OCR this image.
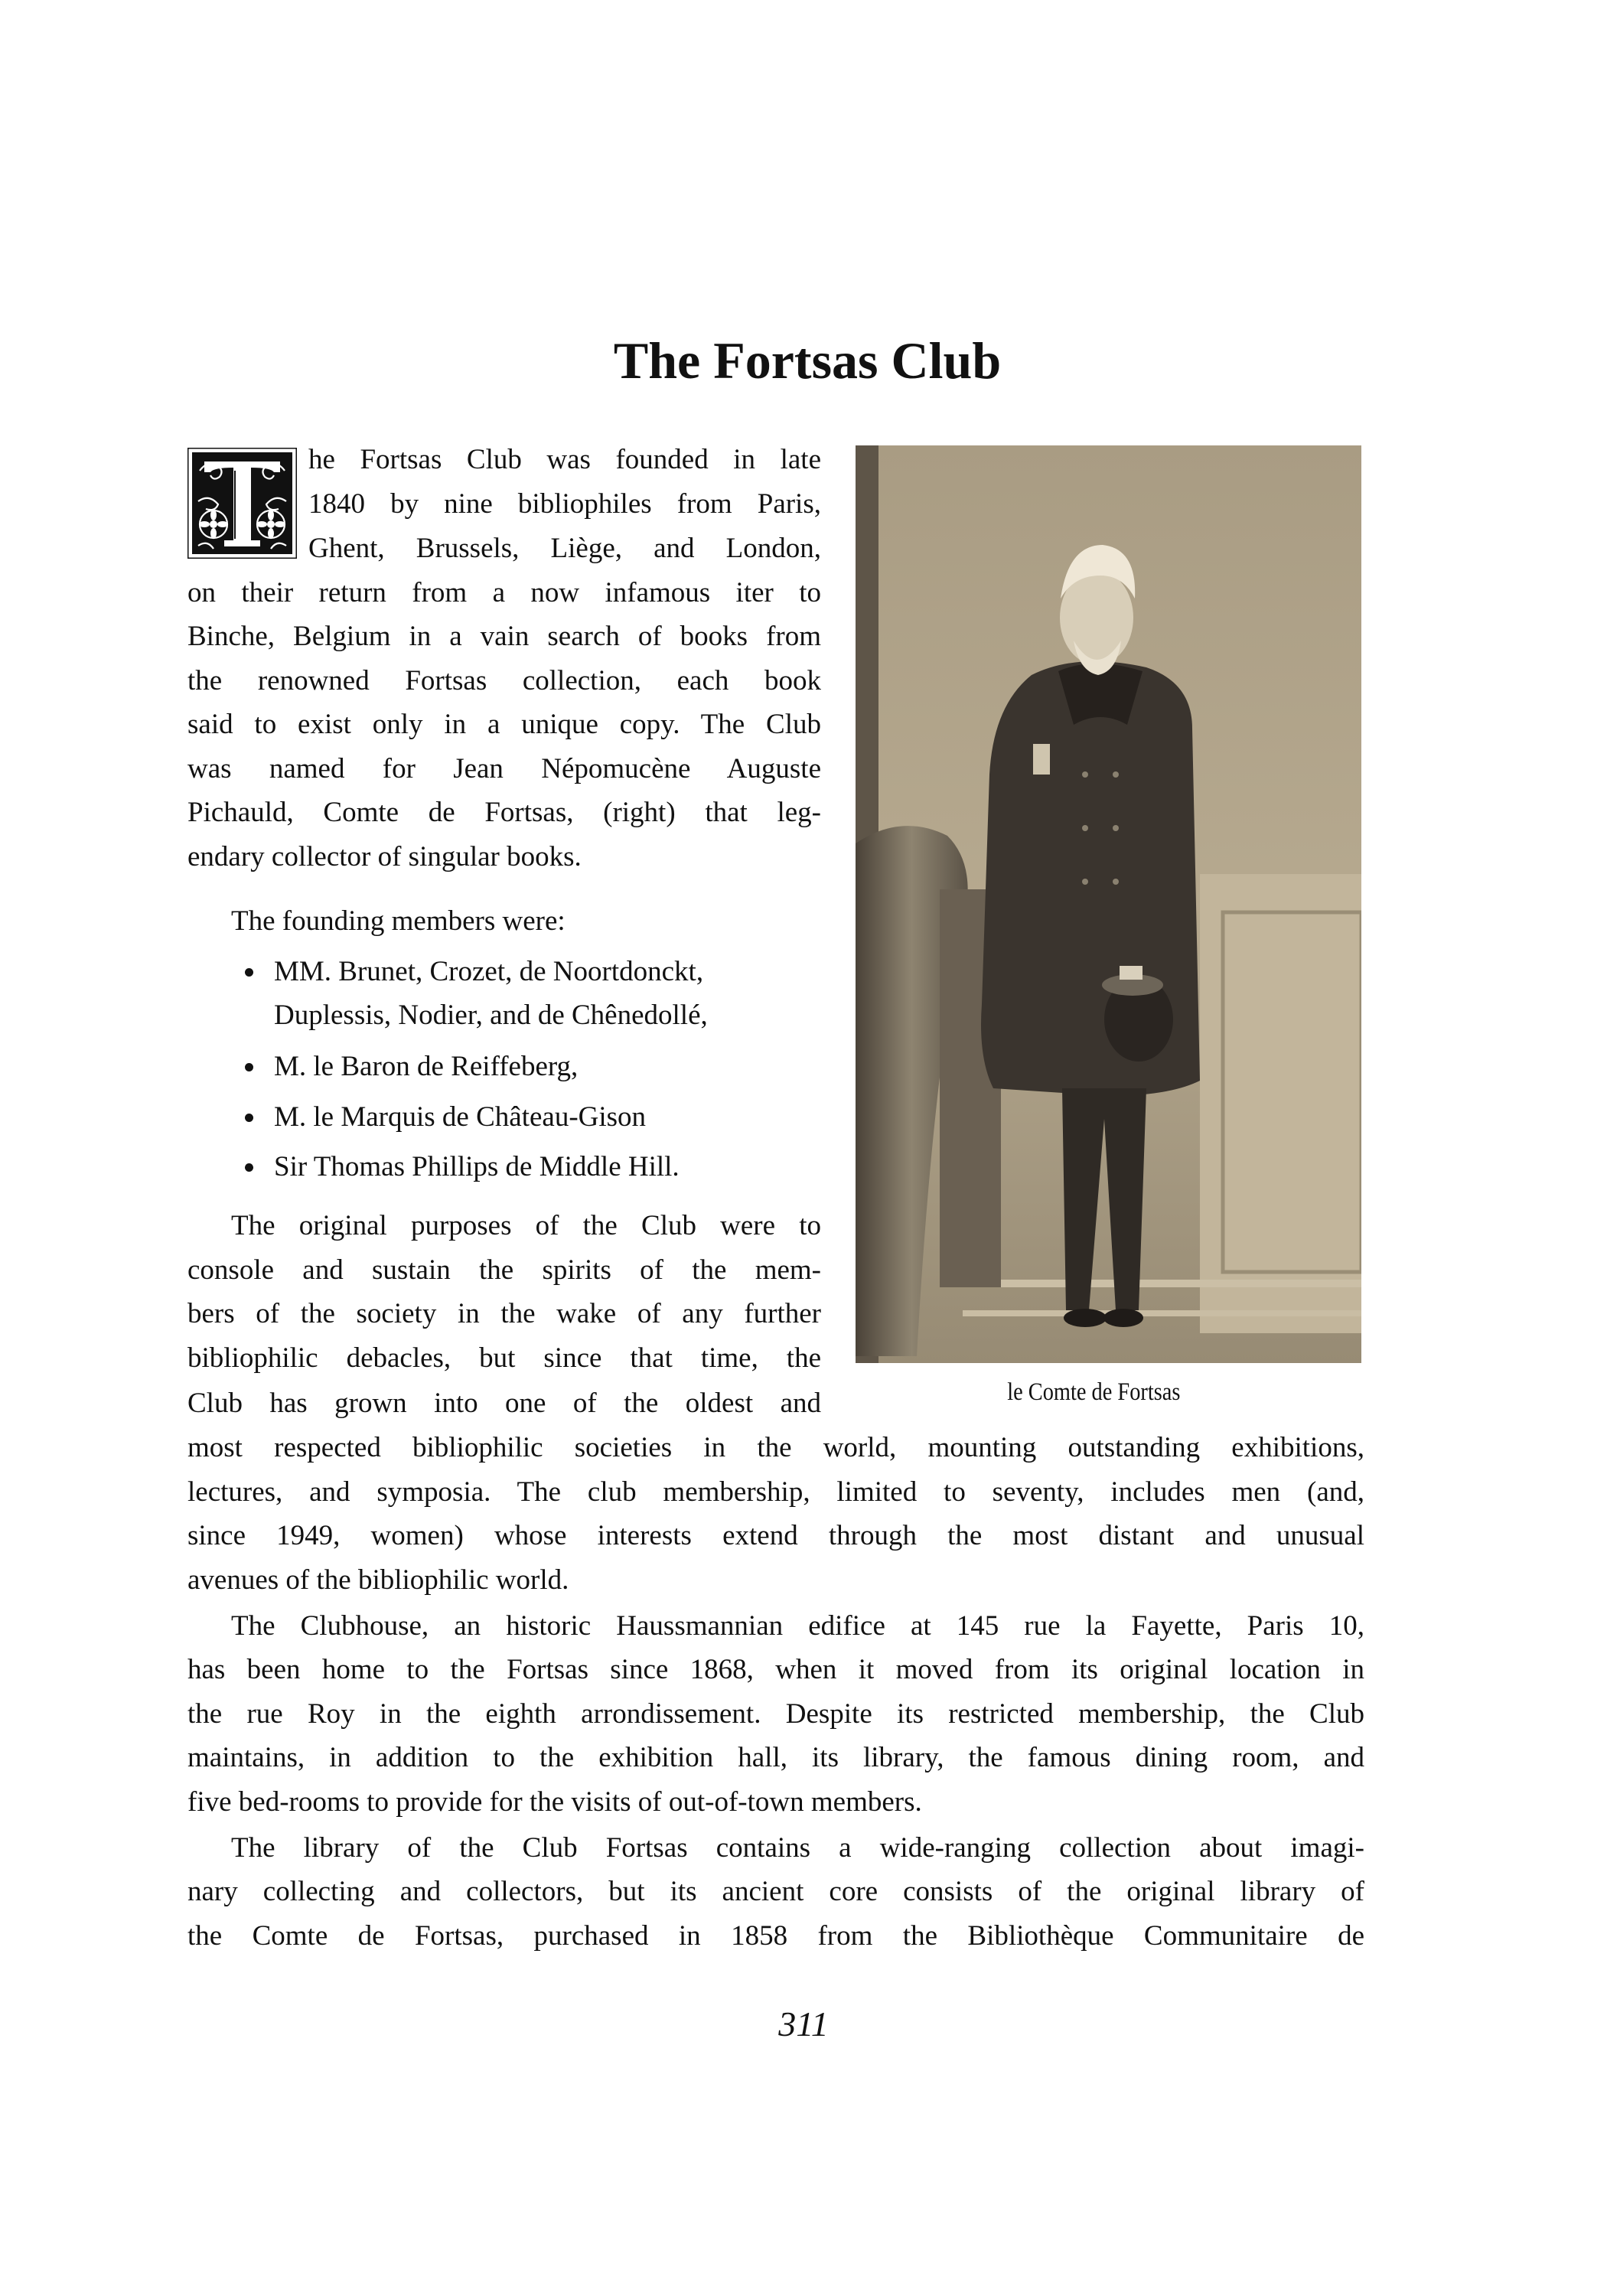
The Fortsas Club
he Fortsas Club was founded in late
1840 by nine bibliophiles from Paris,
Ghent, Brussels, Liège, and London,
on their return from a now infamous iter to
Binche, Belgium in a vain search of books from
the renowned Fortsas collection, each book
said to exist only in a unique copy. The Club
was named for Jean Népomucène Auguste
Pichauld, Comte de Fortsas, (right) that leg-
endary collector of singular books.
The founding members were:
MM. Brunet, Crozet, de Noortdonckt,
Duplessis, Nodier, and de Chênedollé,
M. le Baron de Reiffeberg,
M. le Marquis de Château-Gison
Sir Thomas Phillips de Middle Hill.
The original purposes of the Club were to
console and sustain the spirits of the mem-
bers of the society in the wake of any further
bibliophilic debacles, but since that time, the
Club has grown into one of the oldest and
most respected bibliophilic societies in the world, mounting outstanding exhibitions,
lectures, and symposia. The club membership, limited to seventy, includes men (and,
since 1949, women) whose interests extend through the most distant and unusual
avenues of the bibliophilic world.
The Clubhouse, an historic Haussmannian edifice at 145 rue la Fayette, Paris 10,
has been home to the Fortsas since 1868, when it moved from its original location in
the rue Roy in the eighth arrondissement. Despite its restricted membership, the Club
maintains, in addition to the exhibition hall, its library, the famous dining room, and
five bed-rooms to provide for the visits of out-of-town members.
The library of the Club Fortsas contains a wide-ranging collection about imagi-
nary collecting and collectors, but its ancient core consists of the original library of
the Comte de Fortsas, purchased in 1858 from the Bibliothèque Communitaire de
le Comte de Fortsas
311
